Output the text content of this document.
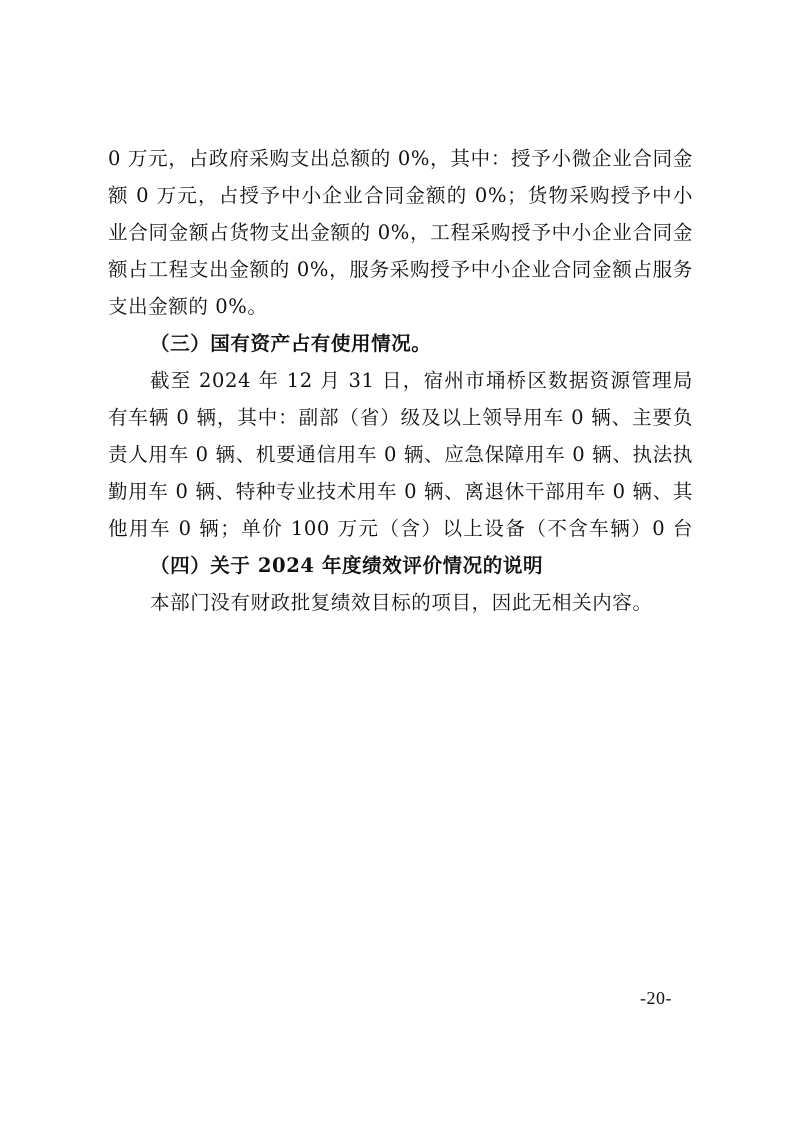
0 万元，占政府采购支出总额的 0%，其中：授予小微企业合同金
额 0 万元，占授予中小企业合同金额的 0%；货物采购授予中小
业合同金额占货物支出金额的 0%，工程采购授予中小企业合同金
额占工程支出金额的 0%，服务采购授予中小企业合同金额占服务
支出金额的 0%。
（三）国有资产占有使用情况。
截至 2024 年 12 月 31 日，宿州市埇桥区数据资源管理局
有车辆 0 辆，其中：副部（省）级及以上领导用车 0 辆、主要负
责人用车 0 辆、机要通信用车 0 辆、应急保障用车 0 辆、执法执
勤用车 0 辆、特种专业技术用车 0 辆、离退休干部用车 0 辆、其
他用车 0 辆；单价 100 万元（含）以上设备（不含车辆）0 台
（四）关于 2024 年度绩效评价情况的说明
本部门没有财政批复绩效目标的项目，因此无相关内容。
-20-
